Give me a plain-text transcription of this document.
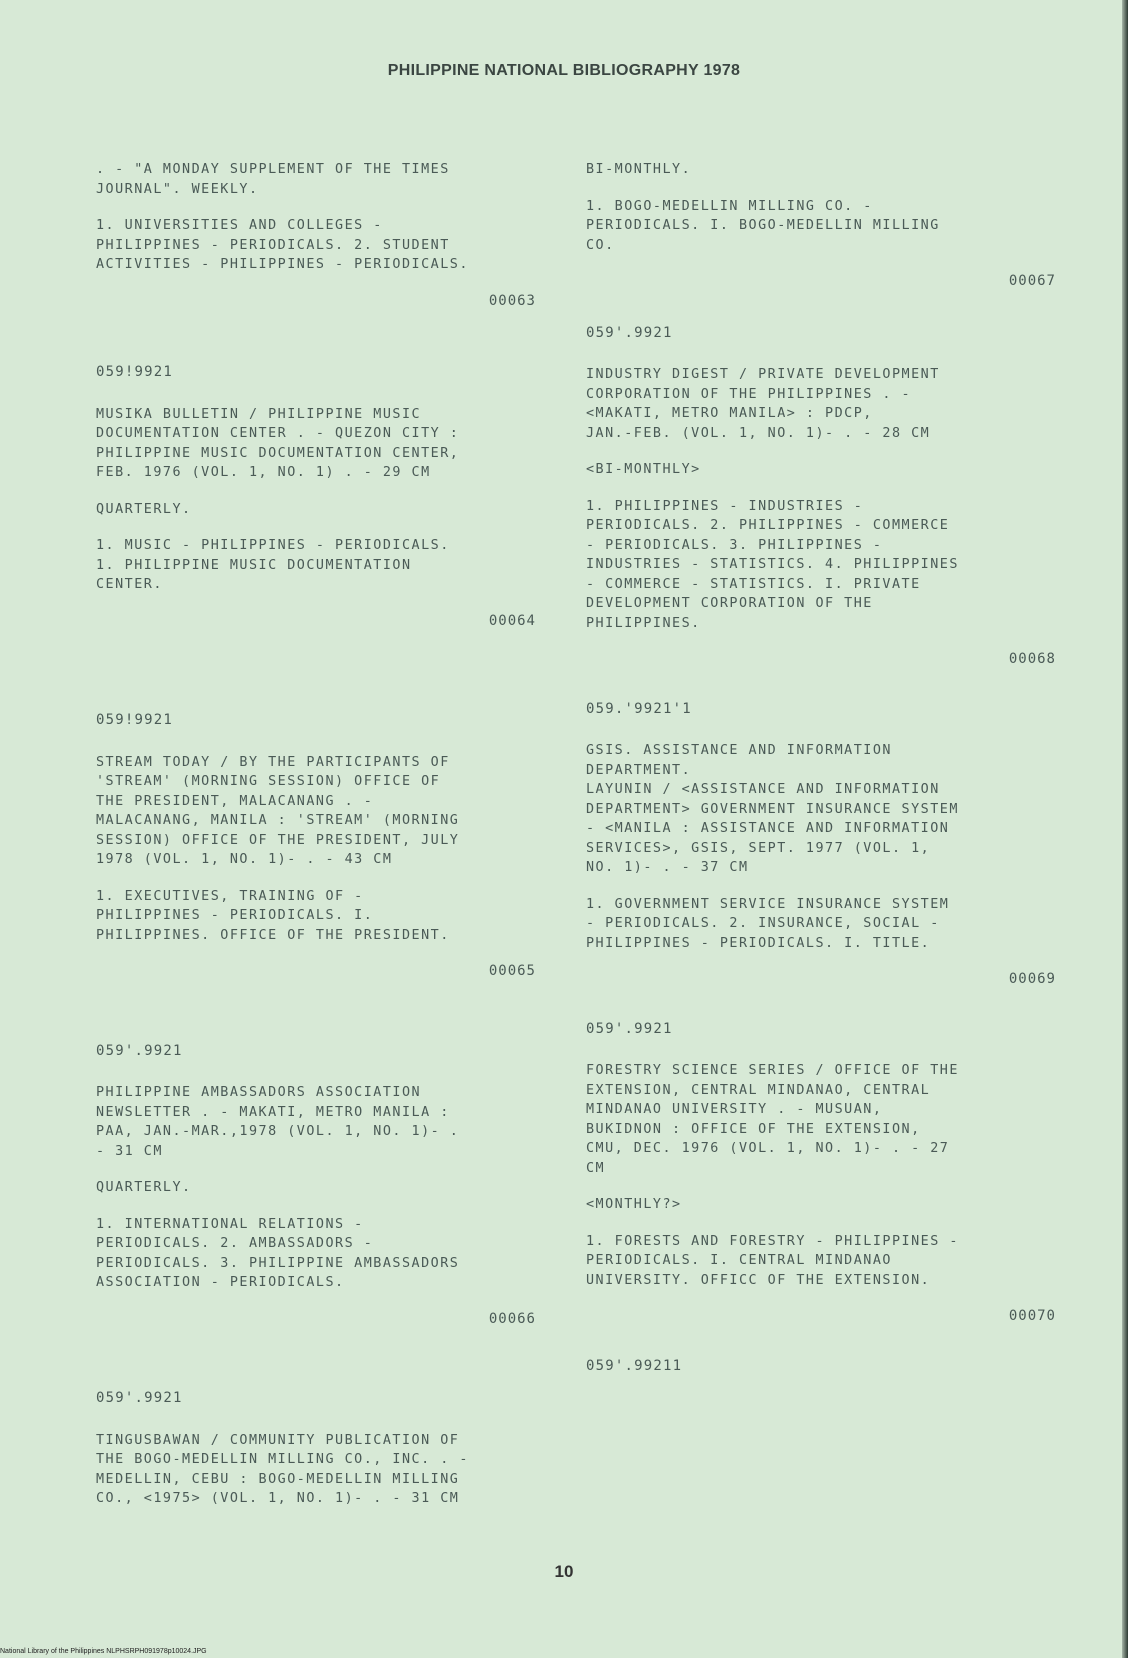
PHILIPPINE NATIONAL BIBLIOGRAPHY 1978
. - "A MONDAY SUPPLEMENT OF THE TIMES
JOURNAL". WEEKLY.
1. UNIVERSITIES AND COLLEGES -
PHILIPPINES - PERIODICALS. 2. STUDENT
ACTIVITIES - PHILIPPINES - PERIODICALS.
00063
059!9921
MUSIKA BULLETIN / PHILIPPINE MUSIC
DOCUMENTATION CENTER . - QUEZON CITY :
PHILIPPINE MUSIC DOCUMENTATION CENTER,
FEB. 1976 (VOL. 1, NO. 1) . - 29 CM
QUARTERLY.
1. MUSIC - PHILIPPINES - PERIODICALS.
1. PHILIPPINE MUSIC DOCUMENTATION
CENTER.
00064
059!9921
STREAM TODAY / BY THE PARTICIPANTS OF
'STREAM' (MORNING SESSION) OFFICE OF
THE PRESIDENT, MALACANANG . -
MALACANANG, MANILA : 'STREAM' (MORNING
SESSION) OFFICE OF THE PRESIDENT, JULY
1978 (VOL. 1, NO. 1)- . - 43 CM
1. EXECUTIVES, TRAINING OF -
PHILIPPINES - PERIODICALS. I.
PHILIPPINES. OFFICE OF THE PRESIDENT.
00065
059'.9921
PHILIPPINE AMBASSADORS ASSOCIATION
NEWSLETTER . - MAKATI, METRO MANILA :
PAA, JAN.-MAR.,1978 (VOL. 1, NO. 1)- .
- 31 CM
QUARTERLY.
1. INTERNATIONAL RELATIONS -
PERIODICALS. 2. AMBASSADORS -
PERIODICALS. 3. PHILIPPINE AMBASSADORS
ASSOCIATION - PERIODICALS.
00066
059'.9921
TINGUSBAWAN / COMMUNITY PUBLICATION OF
THE BOGO-MEDELLIN MILLING CO., INC. . -
MEDELLIN, CEBU : BOGO-MEDELLIN MILLING
CO., <1975> (VOL. 1, NO. 1)- . - 31 CM
BI-MONTHLY.
1. BOGO-MEDELLIN MILLING CO. -
PERIODICALS. I. BOGO-MEDELLIN MILLING
CO.
00067
059'.9921
INDUSTRY DIGEST / PRIVATE DEVELOPMENT
CORPORATION OF THE PHILIPPINES . -
<MAKATI, METRO MANILA> : PDCP,
JAN.-FEB. (VOL. 1, NO. 1)- . - 28 CM
<BI-MONTHLY>
1. PHILIPPINES - INDUSTRIES -
PERIODICALS. 2. PHILIPPINES - COMMERCE
- PERIODICALS. 3. PHILIPPINES -
INDUSTRIES - STATISTICS. 4. PHILIPPINES
- COMMERCE - STATISTICS. I. PRIVATE
DEVELOPMENT CORPORATION OF THE
PHILIPPINES.
00068
059.'9921'1
GSIS. ASSISTANCE AND INFORMATION
DEPARTMENT.
LAYUNIN / <ASSISTANCE AND INFORMATION
DEPARTMENT> GOVERNMENT INSURANCE SYSTEM
- <MANILA : ASSISTANCE AND INFORMATION
SERVICES>, GSIS, SEPT. 1977 (VOL. 1,
NO. 1)- . - 37 CM
1. GOVERNMENT SERVICE INSURANCE SYSTEM
- PERIODICALS. 2. INSURANCE, SOCIAL -
PHILIPPINES - PERIODICALS. I. TITLE.
00069
059'.9921
FORESTRY SCIENCE SERIES / OFFICE OF THE
EXTENSION, CENTRAL MINDANAO, CENTRAL
MINDANAO UNIVERSITY . - MUSUAN,
BUKIDNON : OFFICE OF THE EXTENSION,
CMU, DEC. 1976 (VOL. 1, NO. 1)- . - 27
CM
<MONTHLY?>
1. FORESTS AND FORESTRY - PHILIPPINES -
PERIODICALS. I. CENTRAL MINDANAO
UNIVERSITY. OFFICC OF THE EXTENSION.
00070
059'.99211
10
National Library of the Philippines NLPHSRPH091978p10024.JPG
